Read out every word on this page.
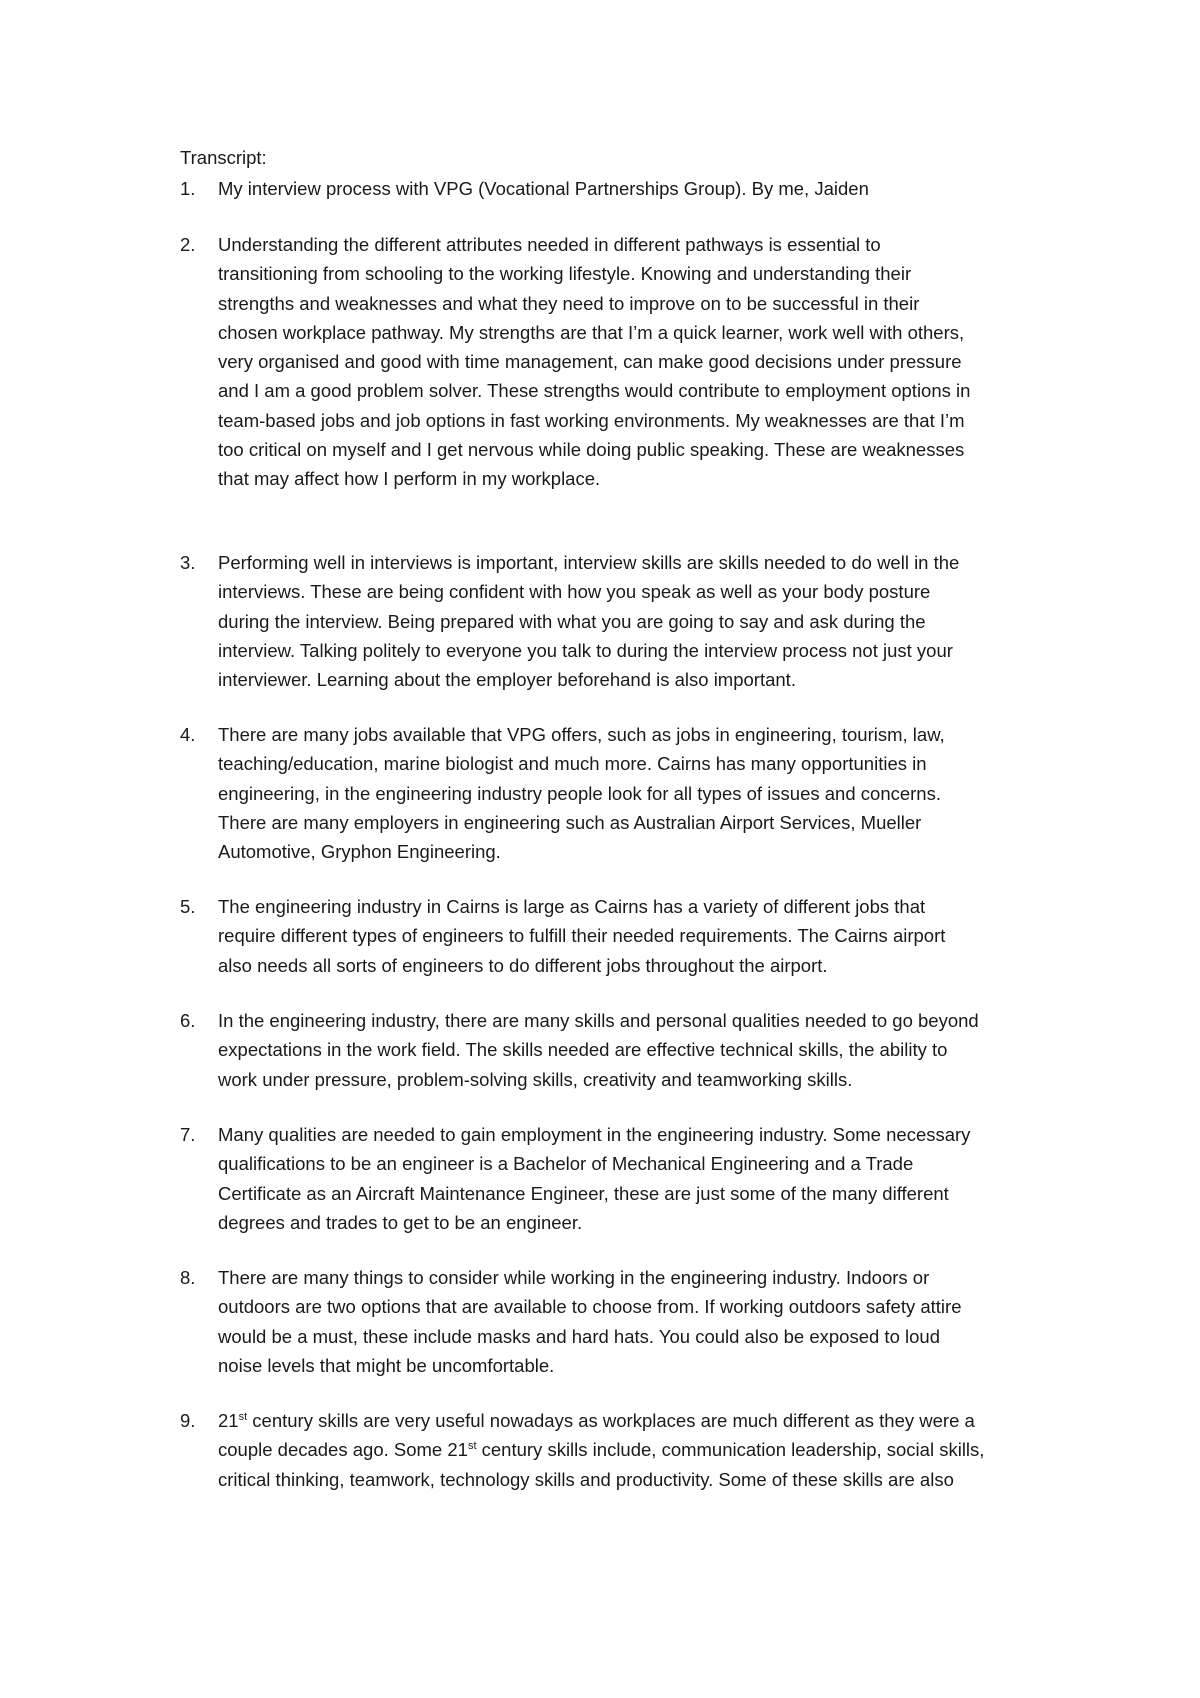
Transcript:

1.	My interview process with VPG (Vocational Partnerships Group). By me, Jaiden
2.	Understanding the different attributes needed in different pathways is essential to
transitioning from schooling to the working lifestyle. Knowing and understanding their
strengths and weaknesses and what they need to improve on to be successful in their
chosen workplace pathway. My strengths are that I’m a quick learner, work well with others,
very organised and good with time management, can make good decisions under pressure
and I am a good problem solver. These strengths would contribute to employment options in
team-based jobs and job options in fast working environments. My weaknesses are that I’m
too critical on myself and I get nervous while doing public speaking. These are weaknesses
that may affect how I perform in my workplace.
3.	Performing well in interviews is important, interview skills are skills needed to do well in the
interviews. These are being confident with how you speak as well as your body posture
during the interview. Being prepared with what you are going to say and ask during the
interview. Talking politely to everyone you talk to during the interview process not just your
interviewer. Learning about the employer beforehand is also important.
4.	There are many jobs available that VPG offers, such as jobs in engineering, tourism, law,
teaching/education, marine biologist and much more. Cairns has many opportunities in
engineering, in the engineering industry people look for all types of issues and concerns.
There are many employers in engineering such as Australian Airport Services, Mueller
Automotive, Gryphon Engineering.
5.	The engineering industry in Cairns is large as Cairns has a variety of different jobs that
require different types of engineers to fulfill their needed requirements. The Cairns airport
also needs all sorts of engineers to do different jobs throughout the airport.
6.	In the engineering industry, there are many skills and personal qualities needed to go beyond
expectations in the work field. The skills needed are effective technical skills, the ability to
work under pressure, problem-solving skills, creativity and teamworking skills.
7.	Many qualities are needed to gain employment in the engineering industry. Some necessary
qualifications to be an engineer is a Bachelor of Mechanical Engineering and a Trade
Certificate as an Aircraft Maintenance Engineer, these are just some of the many different
degrees and trades to get to be an engineer.
8.	There are many things to consider while working in the engineering industry. Indoors or
outdoors are two options that are available to choose from. If working outdoors safety attire
would be a must, these include masks and hard hats. You could also be exposed to loud
noise levels that might be uncomfortable.
9.	21st century skills are very useful nowadays as workplaces are much different as they were a
couple decades ago. Some 21st century skills include, communication leadership, social skills,
critical thinking, teamwork, technology skills and productivity. Some of these skills are also
